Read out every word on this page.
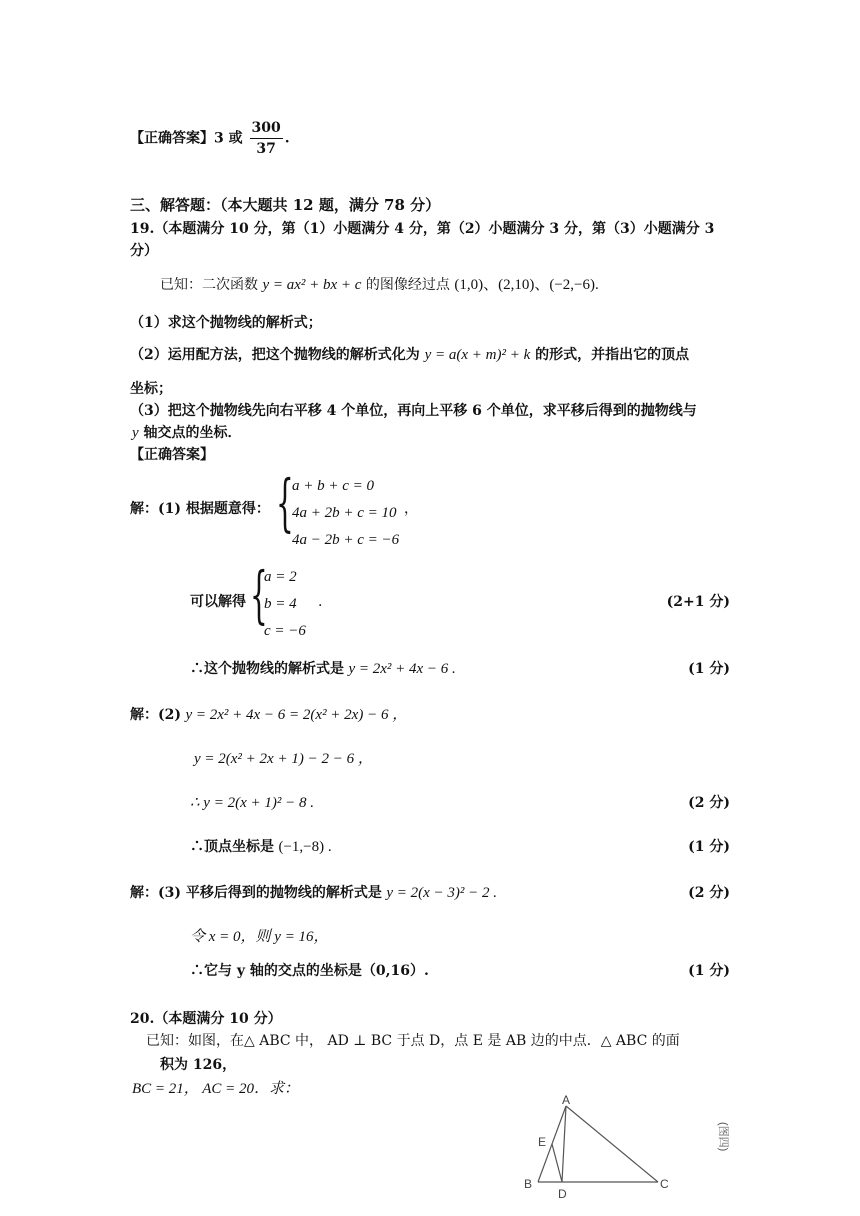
【正确答案】3 或 $\frac{300}{37}$ .
三、解答题：（本大题共 12 题，满分 78 分）
19.（本题满分 10 分，第（1）小题满分 4 分，第（2）小题满分 3 分，第（3）小题满分 3
分）
已知：二次函数 y = ax² + bx + c 的图像经过点 (1,0)、(2,10)、(−2,−6).
（1）求这个抛物线的解析式；
（2）运用配方法，把这个抛物线的解析式化为 y = a(x + m)² + k 的形式，并指出它的顶点
坐标；
（3）把这个抛物线先向右平移 4 个单位，再向上平移 6 个单位，求平移后得到的抛物线与
y 轴交点的坐标．
【正确答案】
解：(1) 根据题意得： {
a + b + c = 0
4a + 2b + c = 10
4a − 2b + c = −6
，
可以解得 {
a = 2
b = 4
c = −6
.	(2+1 分)
∴这个抛物线的解析式是 y = 2x² + 4x − 6 .	(1 分)
解：(2) y = 2x² + 4x − 6 = 2(x² + 2x) − 6 ，
y = 2(x² + 2x + 1) − 2 − 6 ，
∴ y = 2(x + 1)² − 8 .	(2 分)
∴顶点坐标是 (−1,−8) .	(1 分)
解：(3) 平移后得到的抛物线的解析式是 y = 2(x − 3)² − 2 .	(2 分)
令 x = 0，则 y = 16，
∴它与 y 轴的交点的坐标是（0,16）.	(1 分)
20.（本题满分 10 分）
已知：如图，在△ ABC 中， AD ⊥ BC 于点 D，点 E 是 AB 边的中点．△ ABC 的面
积为 126，
BC = 21， AC = 20．求：
A
B	C
D
E	(图四)
